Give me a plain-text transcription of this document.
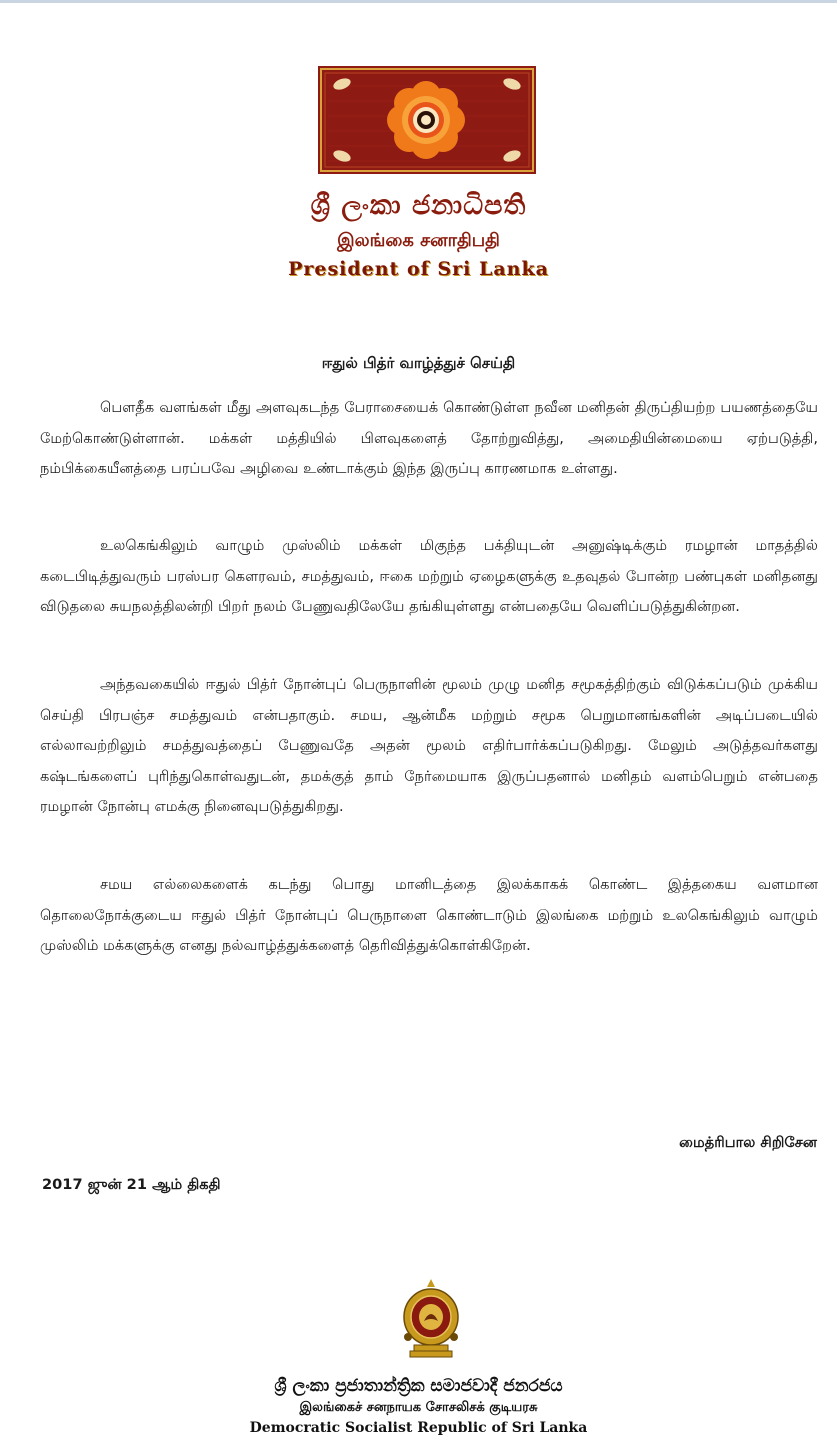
ශ්‍රී ලංකා ජනාධිපති
இலங்கை சனாதிபதி
President of Sri Lanka
ஈதுல் பித்ர் வாழ்த்துச் செய்தி

பௌதீக வளங்கள் மீது அளவுகடந்த பேராசையைக் கொண்டுள்ள நவீன மனிதன் திருப்தியற்ற பயணத்தையே மேற்கொண்டுள்ளான். மக்கள் மத்தியில் பிளவுகளைத் தோற்றுவித்து, அமைதியின்மையை ஏற்படுத்தி, நம்பிக்கையீனத்தை பரப்பவே அழிவை உண்டாக்கும் இந்த இருப்பு காரணமாக உள்ளது.

உலகெங்கிலும் வாழும் முஸ்லிம் மக்கள் மிகுந்த பக்தியுடன் அனுஷ்டிக்கும் ரமழான் மாதத்தில் கடைபிடித்துவரும் பரஸ்பர கௌரவம், சமத்துவம், ஈகை மற்றும் ஏழைகளுக்கு உதவுதல் போன்ற பண்புகள் மனிதனது விடுதலை சுயநலத்திலன்றி பிறர் நலம் பேணுவதிலேயே தங்கியுள்ளது என்பதையே வெளிப்படுத்துகின்றன.

அந்தவகையில் ஈதுல் பித்ர் நோன்புப் பெருநாளின் மூலம் முழு மனித சமூகத்திற்கும் விடுக்கப்படும் முக்கிய செய்தி பிரபஞ்ச சமத்துவம் என்பதாகும். சமய, ஆன்மீக மற்றும் சமூக பெறுமானங்களின் அடிப்படையில் எல்லாவற்றிலும் சமத்துவத்தைப் பேணுவதே அதன் மூலம் எதிர்பார்க்கப்படுகிறது. மேலும் அடுத்தவர்களது கஷ்டங்களைப் புரிந்துகொள்வதுடன், தமக்குத் தாம் நேர்மையாக இருப்பதனால் மனிதம் வளம்பெறும் என்பதை ரமழான் நோன்பு எமக்கு நினைவுபடுத்துகிறது.

சமய எல்லைகளைக் கடந்து பொது மானிடத்தை இலக்காகக் கொண்ட இத்தகைய வளமான தொலைநோக்குடைய ஈதுல் பித்ர் நோன்புப் பெருநாளை கொண்டாடும் இலங்கை மற்றும் உலகெங்கிலும் வாழும் முஸ்லிம் மக்களுக்கு எனது நல்வாழ்த்துக்களைத் தெரிவித்துக்கொள்கிறேன்.

மைத்ரிபால சிறிசேன
2017 ஜுன் 21 ஆம் திகதி
ශ්‍රී ලංකා ප්‍රජාතාන්ත්‍රික සමාජවාදී ජනරජය
இலங்கைச் சனநாயக சோசலிசக் குடியரசு
Democratic Socialist Republic of Sri Lanka
